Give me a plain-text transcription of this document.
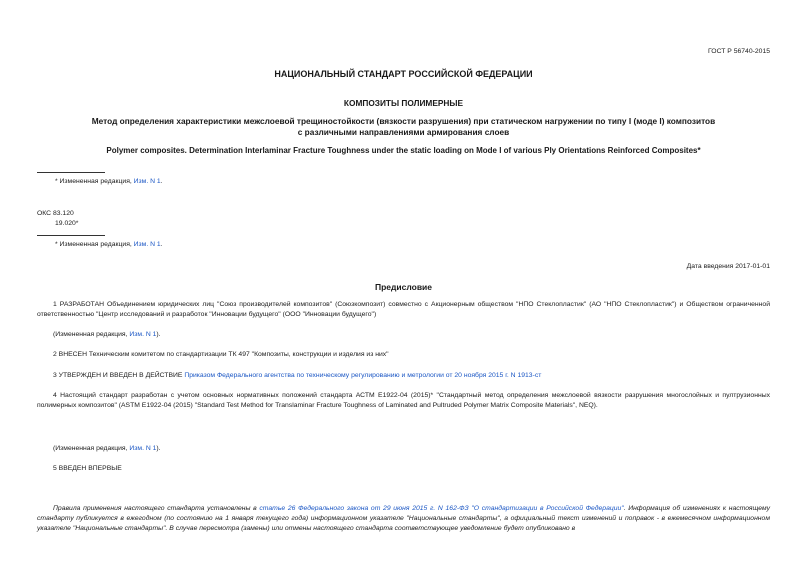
ГОСТ Р 56740-2015
НАЦИОНАЛЬНЫЙ СТАНДАРТ РОССИЙСКОЙ ФЕДЕРАЦИИ
КОМПОЗИТЫ ПОЛИМЕРНЫЕ
Метод определения характеристики межслоевой трещиностойкости (вязкости разрушения) при статическом нагружении по типу I (моде I) композитов с различными направлениями армирования слоев
Polymer composites. Determination Interlaminar Fracture Toughness under the static loading on Mode I of various Ply Orientations Reinforced Composites*
* Измененная редакция, Изм. N 1.
ОКС 83.120
19.020*
* Измененная редакция, Изм. N 1.
Дата введения 2017-01-01
Предисловие
1 РАЗРАБОТАН Объединением юридических лиц "Союз производителей композитов" (Союзкомпозит) совместно с Акционерным обществом "НПО Стеклопластик" (АО "НПО Стеклопластик") и Обществом ограниченной ответственностью "Центр исследований и разработок "Инновации будущего" (ООО "Инновации будущего")
(Измененная редакция, Изм. N 1).
2 ВНЕСЕН Техническим комитетом по стандартизации ТК 497 "Композиты, конструкции и изделия из них"
3 УТВЕРЖДЕН И ВВЕДЕН В ДЕЙСТВИЕ Приказом Федерального агентства по техническому регулированию и метрологии от 20 ноября 2015 г. N 1913-ст
4 Настоящий стандарт разработан с учетом основных нормативных положений стандарта АСТМ Е1922-04 (2015)* "Стандартный метод определения межслоевой вязкости разрушения многослойных и пултрузионных полимерных композитов" (ASTM E1922-04 (2015) "Standard Test Method for Translaminar Fracture Toughness of Laminated and Pultruded Polymer Matrix Composite Materials", NEQ).
(Измененная редакция, Изм. N 1).
5 ВВЕДЕН ВПЕРВЫЕ
Правила применения настоящего стандарта установлены в статье 26 Федерального закона от 29 июня 2015 г. N 162-ФЗ "О стандартизации в Российской Федерации". Информация об изменениях к настоящему стандарту публикуется в ежегодном (по состоянию на 1 января текущего года) информационном указателе "Национальные стандарты", а официальный текст изменений и поправок - в ежемесячном информационном указателе "Национальные стандарты". В случае пересмотра (замены) или отмены настоящего стандарта соответствующее уведомление будет опубликовано в
